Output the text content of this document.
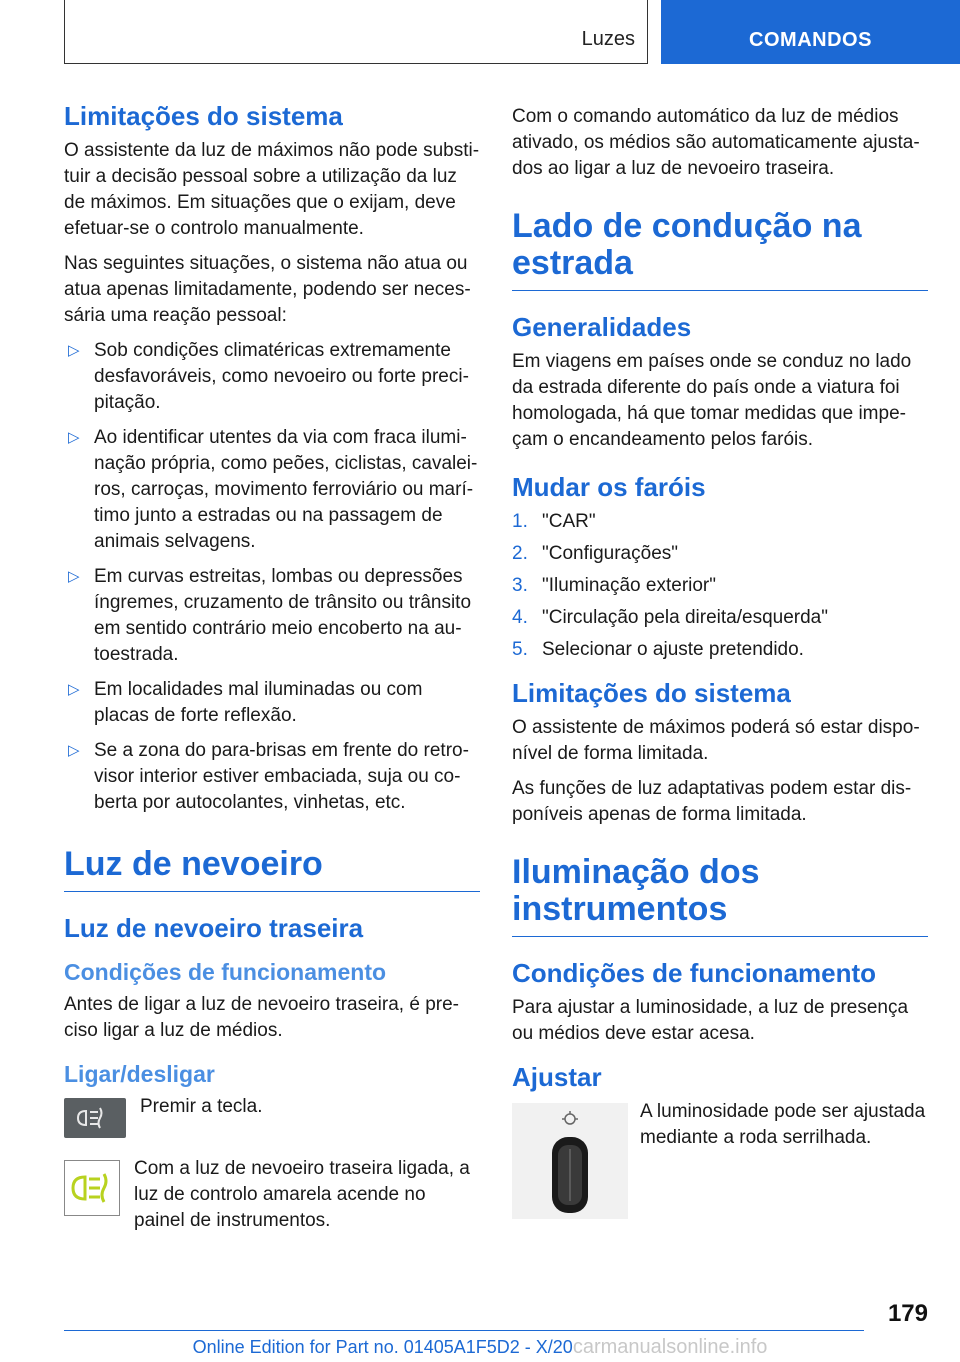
Luzes	COMANDOS
Limitações do sistema

O assistente da luz de máximos não pode substituir a decisão pessoal sobre a utilização da luz de máximos. Em situações que o exijam, deve efetuar-se o controlo manualmente.

Nas seguintes situações, o sistema não atua ou atua apenas limitadamente, podendo ser necessária uma reação pessoal:

▷ Sob condições climatéricas extremamente desfavoráveis, como nevoeiro ou forte precipitação.
▷ Ao identificar utentes da via com fraca iluminação própria, como peões, ciclistas, cavaleiros, carroças, movimento ferroviário ou marítimo junto a estradas ou na passagem de animais selvagens.
▷ Em curvas estreitas, lombas ou depressões íngremes, cruzamento de trânsito ou trânsito em sentido contrário meio encoberto na autoestrada.
▷ Em localidades mal iluminadas ou com placas de forte reflexão.
▷ Se a zona do para-brisas em frente do retrovisor interior estiver embaciada, suja ou coberta por autocolantes, vinhetas, etc.
Luz de nevoeiro
Luz de nevoeiro traseira
Condições de funcionamento

Antes de ligar a luz de nevoeiro traseira, é preciso ligar a luz de médios.

Ligar/desligar

Premir a tecla.

Com a luz de nevoeiro traseira ligada, a luz de controlo amarela acende no painel de instrumentos.

Com o comando automático da luz de médios ativado, os médios são automaticamente ajustados ao ligar a luz de nevoeiro traseira.

Lado de condução na estrada
Generalidades

Em viagens em países onde se conduz no lado da estrada diferente do país onde a viatura foi homologada, há que tomar medidas que impeçam o encandeamento pelos faróis.

Mudar os faróis
1. "CAR"
2. "Configurações"
3. "Iluminação exterior"
4. "Circulação pela direita/esquerda"
5. Selecionar o ajuste pretendido.
Limitações do sistema

O assistente de máximos poderá só estar disponível de forma limitada.

As funções de luz adaptativas podem estar disponíveis apenas de forma limitada.

Iluminação dos instrumentos
Condições de funcionamento

Para ajustar a luminosidade, a luz de presença ou médios deve estar acesa.

Ajustar

A luminosidade pode ser ajustada mediante a roda serrilhada.

179
Online Edition for Part no. 01405A1F5D2 - X/20carmanualsonline.info
